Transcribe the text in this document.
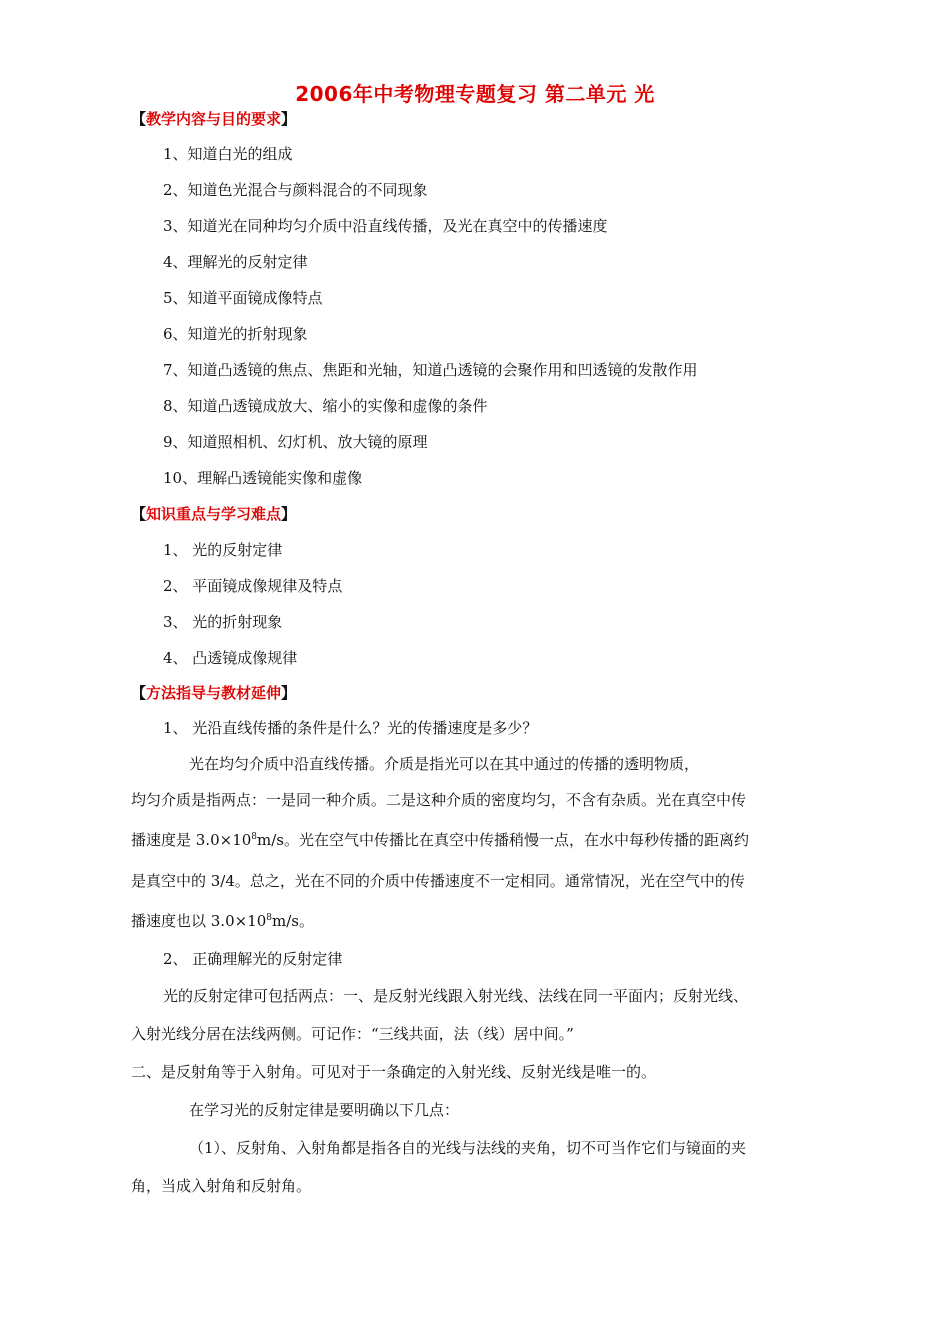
2006年中考物理专题复习 第二单元 光
【教学内容与目的要求】
1、知道白光的组成
2、知道色光混合与颜料混合的不同现象
3、知道光在同种均匀介质中沿直线传播，及光在真空中的传播速度
4、理解光的反射定律
5、知道平面镜成像特点
6、知道光的折射现象
7、知道凸透镜的焦点、焦距和光轴，知道凸透镜的会聚作用和凹透镜的发散作用
8、知道凸透镜成放大、缩小的实像和虚像的条件
9、知道照相机、幻灯机、放大镜的原理
10、理解凸透镜能实像和虚像
【知识重点与学习难点】
1、 光的反射定律
2、 平面镜成像规律及特点
3、 光的折射现象
4、 凸透镜成像规律
【方法指导与教材延伸】
1、 光沿直线传播的条件是什么？光的传播速度是多少？
光在均匀介质中沿直线传播。介质是指光可以在其中通过的传播的透明物质，
均匀介质是指两点：一是同一种介质。二是这种介质的密度均匀，不含有杂质。光在真空中传
播速度是 $3.0\times 10^8m/s$。光在空气中传播比在真空中传播稍慢一点，在水中每秒传播的距离约
是真空中的 3/4。总之，光在不同的介质中传播速度不一定相同。通常情况，光在空气中的传
播速度也以 $3.0\times 10^8m/s$。
2、 正确理解光的反射定律
光的反射定律可包括两点：一、是反射光线跟入射光线、法线在同一平面内；反射光线、
入射光线分居在法线两侧。可记作：“三线共面，法（线）居中间。”
二、是反射角等于入射角。可见对于一条确定的入射光线、反射光线是唯一的。
在学习光的反射定律是要明确以下几点：
（1）、反射角、入射角都是指各自的光线与法线的夹角，切不可当作它们与镜面的夹
角，当成入射角和反射角。
